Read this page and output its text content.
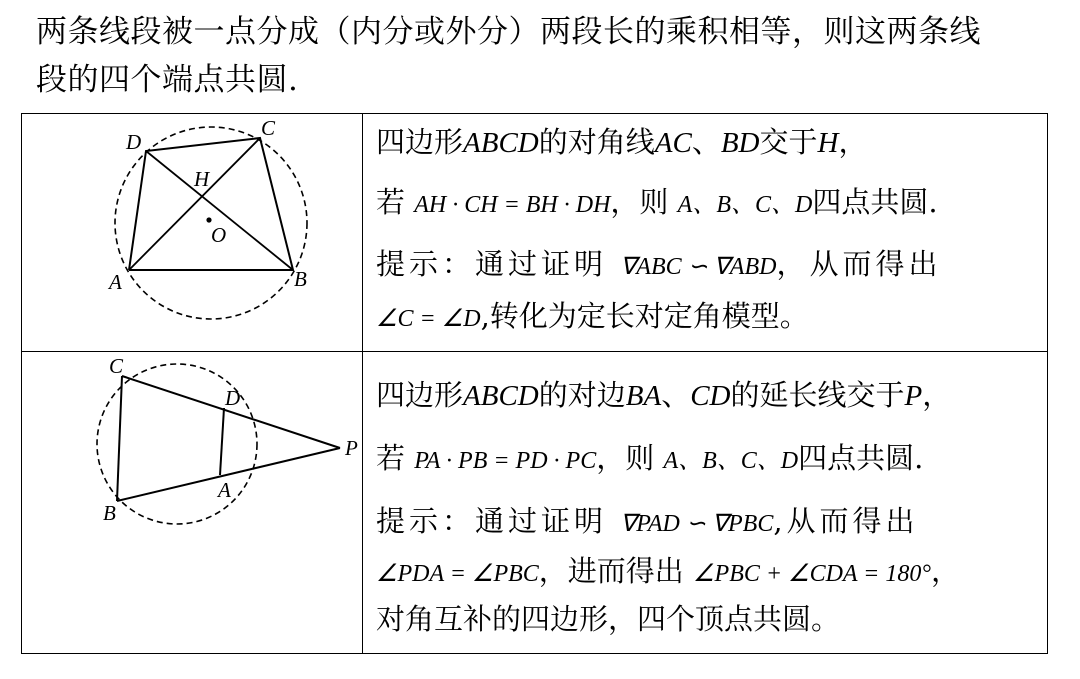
两条线段被一点分成（内分或外分）两段长的乘积相等，则这两条线
段的四个端点共圆.
D
C
H
O
A	B
四边形ABCD的对角线AC、BD交于H，
若 AH · CH = BH · DH，则 A、B、C、D四点共圆.
提示：通过证明 ∇ABC ∽ ∇ABD，从而得出
∠C = ∠D,转化为定长对定角模型。
C
D
P
A
B
四边形ABCD的对边BA、CD的延长线交于P，
若 PA · PB = PD · PC，则 A、B、C、D四点共圆.
提示：通过证明 ∇PAD ∽ ∇PBC,从而得出
∠PDA = ∠PBC，进而得出 ∠PBC + ∠CDA = 180°，
对角互补的四边形，四个顶点共圆。
